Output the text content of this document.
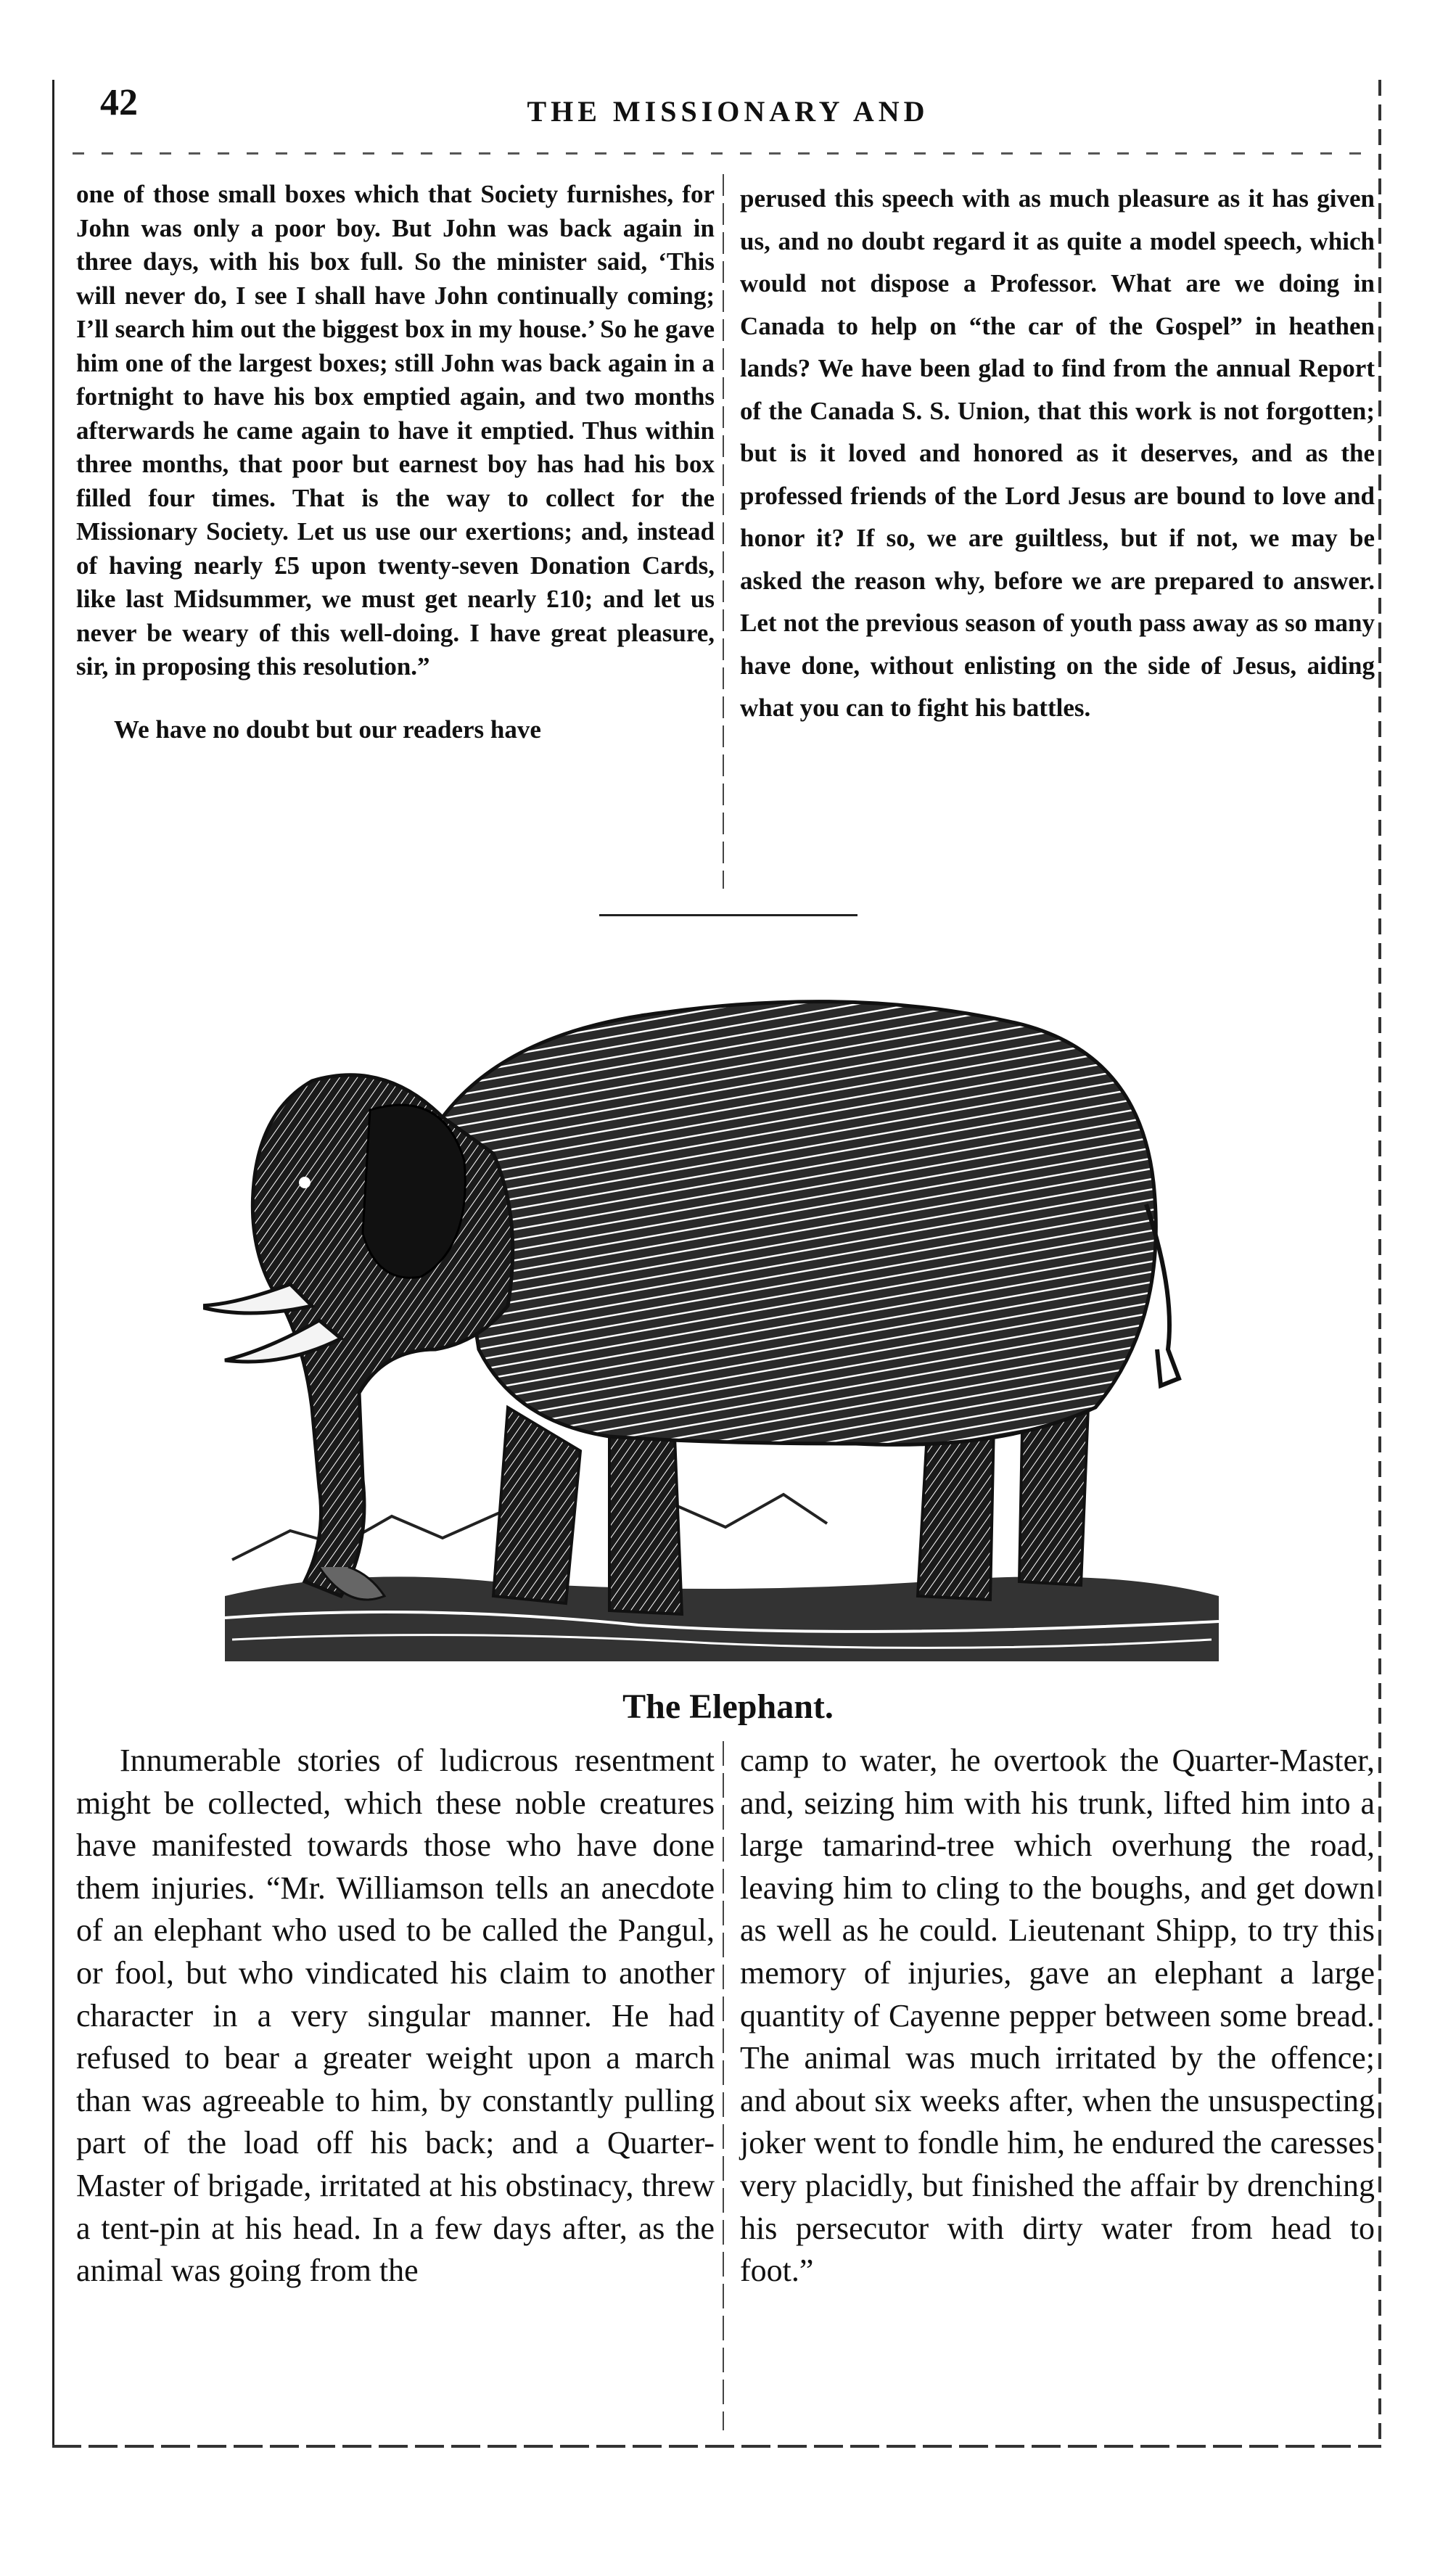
42	THE MISSIONARY AND

one of those small boxes which that Society furnishes, for John was only a poor boy. But John was back again in three days, with his box full. So the minister said, ‘This will never do, I see I shall have John continually coming; I’ll search him out the biggest box in my house.’ So he gave him one of the largest boxes; still John was back again in a fortnight to have his box emptied again, and two months afterwards he came again to have it emptied. Thus within three months, that poor but earnest boy has had his box filled four times. That is the way to collect for the Missionary Society. Let us use our exertions; and, instead of having nearly £5 upon twenty-seven Donation Cards, like last Midsummer, we must get nearly £10; and let us never be weary of this well-doing. I have great pleasure, sir, in proposing this resolution.”

We have no doubt but our readers have

perused this speech with as much pleasure as it has given us, and no doubt regard it as quite a model speech, which would not dispose a Professor. What are we doing in Canada to help on “the car of the Gospel” in heathen lands? We have been glad to find from the annual Report of the Canada S. S. Union, that this work is not forgotten; but is it loved and honored as it deserves, and as the professed friends of the Lord Jesus are bound to love and honor it? If so, we are guiltless, but if not, we may be asked the reason why, before we are prepared to answer. Let not the previous season of youth pass away as so many have done, without enlisting on the side of Jesus, aiding what you can to fight his battles.

The Elephant.

Innumerable stories of ludicrous resentment might be collected, which these noble creatures have manifested towards those who have done them injuries. “Mr. Williamson tells an anecdote of an elephant who used to be called the Pangul, or fool, but who vindicated his claim to another character in a very singular manner. He had refused to bear a greater weight upon a march than was agreeable to him, by constantly pulling part of the load off his back; and a Quarter-Master of brigade, irritated at his obstinacy, threw a tent-pin at his head. In a few days after, as the animal was going from the

camp to water, he overtook the Quarter-Master, and, seizing him with his trunk, lifted him into a large tamarind-tree which overhung the road, leaving him to cling to the boughs, and get down as well as he could. Lieutenant Shipp, to try this memory of injuries, gave an elephant a large quantity of Cayenne pepper between some bread. The animal was much irritated by the offence; and about six weeks after, when the unsuspecting joker went to fondle him, he endured the caresses very placidly, but finished the affair by drenching his persecutor with dirty water from head to foot.”
